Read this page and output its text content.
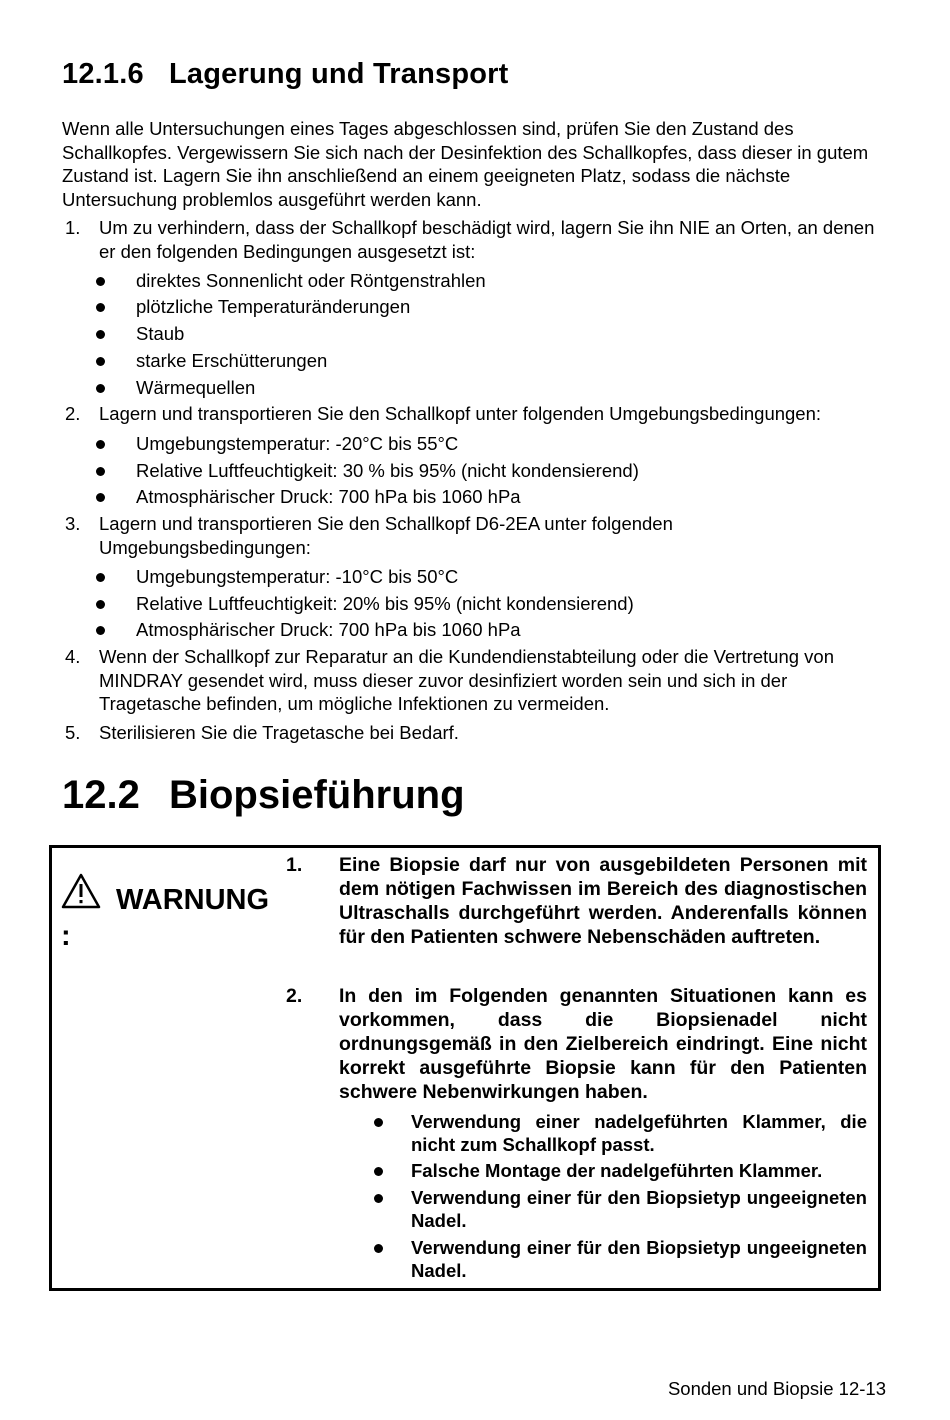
12.1.6 Lagerung und Transport
Wenn alle Untersuchungen eines Tages abgeschlossen sind, prüfen Sie den Zustand des Schallkopfes. Vergewissern Sie sich nach der Desinfektion des Schallkopfes, dass dieser in gutem Zustand ist. Lagern Sie ihn anschließend an einem geeigneten Platz, sodass die nächste Untersuchung problemlos ausgeführt werden kann.
1. Um zu verhindern, dass der Schallkopf beschädigt wird, lagern Sie ihn NIE an Orten, an denen er den folgenden Bedingungen ausgesetzt ist:
direktes Sonnenlicht oder Röntgenstrahlen
plötzliche Temperaturänderungen
Staub
starke Erschütterungen
Wärmequellen
2. Lagern und transportieren Sie den Schallkopf unter folgenden Umgebungsbedingungen:
Umgebungstemperatur: -20°C bis 55°C
Relative Luftfeuchtigkeit: 30 % bis 95% (nicht kondensierend)
Atmosphärischer Druck: 700 hPa bis 1060 hPa
3. Lagern und transportieren Sie den Schallkopf D6-2EA unter folgenden Umgebungsbedingungen:
Umgebungstemperatur: -10°C bis 50°C
Relative Luftfeuchtigkeit: 20% bis 95% (nicht kondensierend)
Atmosphärischer Druck: 700 hPa bis 1060 hPa
4. Wenn der Schallkopf zur Reparatur an die Kundendienstabteilung oder die Vertretung von MINDRAY gesendet wird, muss dieser zuvor desinfiziert worden sein und sich in der Tragetasche befinden, um mögliche Infektionen zu vermeiden.
5. Sterilisieren Sie die Tragetasche bei Bedarf.
12.2 Biopsieführung
WARNUNG
:
1. Eine Biopsie darf nur von ausgebildeten Personen mit dem nötigen Fachwissen im Bereich des diagnostischen Ultraschalls durchgeführt werden. Anderenfalls können für den Patienten schwere Nebenschäden auftreten.
2. In den im Folgenden genannten Situationen kann es vorkommen, dass die Biopsienadel nicht ordnungsgemäß in den Zielbereich eindringt. Eine nicht korrekt ausgeführte Biopsie kann für den Patienten schwere Nebenwirkungen haben.
Verwendung einer nadelgeführten Klammer, die nicht zum Schallkopf passt.
Falsche Montage der nadelgeführten Klammer.
Verwendung einer für den Biopsietyp ungeeigneten Nadel.
Verwendung einer für den Biopsietyp ungeeigneten Nadel.
Sonden und Biopsie 12-13
